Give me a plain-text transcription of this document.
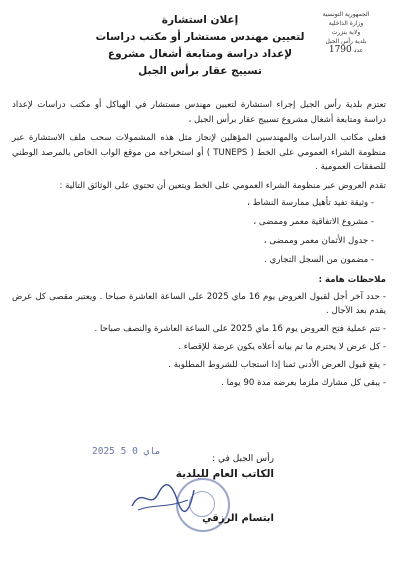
الجمهورية التونسية
وزارة الداخلية
ولاية بنزرت
بلدية رأس الجبل
عدد
1790
إعلان استشارة
لتعيين مهندس مستشار أو مكتب دراسات
لإعداد دراسة ومتابعة أشغال مشروع
تسييج عقار برأس الجبل

تعتزم بلدية رأس الجبل إجراء استشارة لتعيين مهندس مستشار في الهياكل أو مكتب دراسات لإعداد دراسة ومتابعة أشغال مشروع تسييج عقار برأس الجبل ،

فعلى مكاتب الدراسات والمهندسين المؤهلين لإنجاز مثل هذه المشمولات سحب ملف الاستشارة عبر منظومة الشراء العمومي على الخط ( TUNEPS ) أو استخراجه من موقع الواب الخاص بالمرصد الوطني للصفقات العمومية .

تقدم العروض عبر منظومة الشراء العمومي على الخط ويتعين أن تحتوي على الوثائق التالية :

- وثيقة تفيد تأهيل ممارسة النشاط ،
- مشروع الاتفاقية معمر وممضى ،
- جدول الأثمان معمر وممضى ،
- مضمون من السجل التجاري .
ملاحظات هامة :
- حدد آخر أجل لقبول العروض يوم 16 ماي 2025 على الساعة العاشرة صباحا . ويعتبر مقصى كل عرض يقدم بعد الآجال .
- تتم عملية فتح العروض يوم 16 ماي 2025 على الساعة العاشرة والنصف صباحا .
- كل عرض لا يحترم ما تم بيانه أعلاه يكون عرضة للإقصاء .
- يقع قبول العرض الأدنى ثمنا إذا استجاب للشروط المطلوبة .
- يبقى كل مشارك ملزما بعرضه مدة 90 يوما .
2025 ماي 0 5
رأس الجبل في :
الكاتب العام للبلدية
ابتسام الرزقي
